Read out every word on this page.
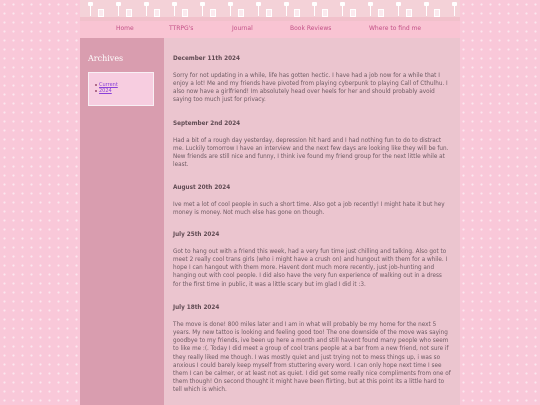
Home	TTRPG's	Journal	Book Reviews	Where to find me
Archives
Current
2024
December 11th 2024

Sorry for not updating in a while, life has gotten hectic. I have had a job now for a while that I enjoy a lot! Me and my friends have pivoted from playing cyberpunk to playing Call of Cthulhu. I also now have a girlfriend! Im absolutely head over heels for her and should probably avoid saying too much just for privacy.

September 2nd 2024

Had a bit of a rough day yesterday, depression hit hard and I had nothing fun to do to distract me. Luckily tomorrow I have an interview and the next few days are looking like they will be fun. New friends are still nice and funny, I think ive found my friend group for the next little while at least.

August 20th 2024

Ive met a lot of cool people in such a short time. Also got a job recently! I might hate it but hey money is money. Not much else has gone on though.

July 25th 2024

Got to hang out with a friend this week, had a very fun time just chilling and talking. Also got to meet 2 really cool trans girls (who i might have a crush on) and hungout with them for a while. I hope I can hangout with them more. Havent dont much more recently, just job-hunting and hanging out with cool people. I did also have the very fun experience of walking out in a dress for the first time in public, it was a little scary but im glad I did it :3.

July 18th 2024

The move is done! 800 miles later and I am in what will probably be my home for the next 5 years. My new tattoo is looking and feeling good too! The one downside of the move was saying goodbye to my friends, ive been up here a month and still havent found many people who seem to like me :(. Today I did meet a group of cool trans people at a bar from a new friend, not sure if they really liked me though. I was mostly quiet and just trying not to mess things up, i was so anxious I could barely keep myself from stuttering every word. I can only hope next time I see them I can be calmer, or at least not as quiet. I did get some really nice compliments from one of them though! On second thought it might have been flirting, but at this point its a little hard to tell which is which.
